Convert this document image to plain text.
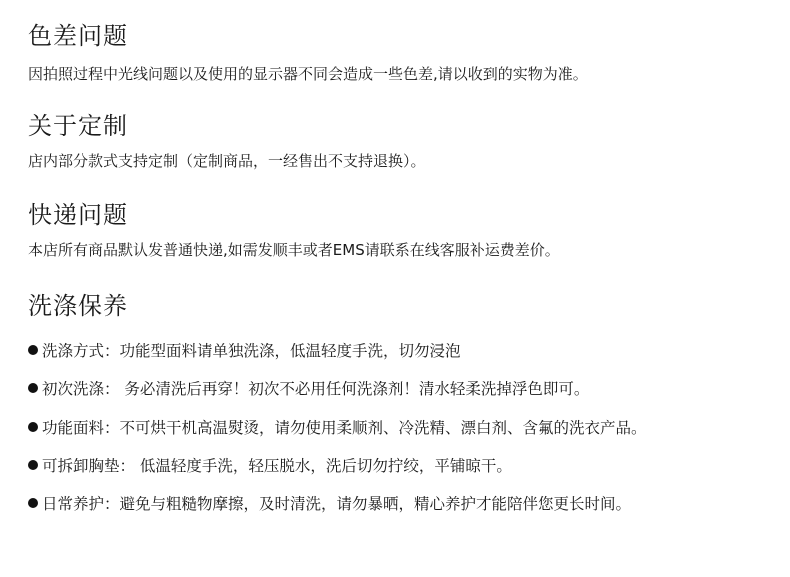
色差问题

因拍照过程中光线问题以及使用的显示器不同会造成一些色差,请以收到的实物为准。

关于定制

店内部分款式支持定制（定制商品，一经售出不支持退换）。

快递问题

本店所有商品默认发普通快递,如需发顺丰或者EMS请联系在线客服补运费差价。

洗涤保养
洗涤方式：功能型面料请单独洗涤，低温轻度手洗，切勿浸泡
初次洗涤： 务必清洗后再穿！初次不必用任何洗涤剂！清水轻柔洗掉浮色即可。
功能面料：不可烘干机高温熨烫，请勿使用柔顺剂、冷洗精、漂白剂、含氟的洗衣产品。
可拆卸胸垫： 低温轻度手洗，轻压脱水，洗后切勿拧绞，平铺晾干。
日常养护：避免与粗糙物摩擦，及时清洗，请勿暴晒，精心养护才能陪伴您更长时间。
